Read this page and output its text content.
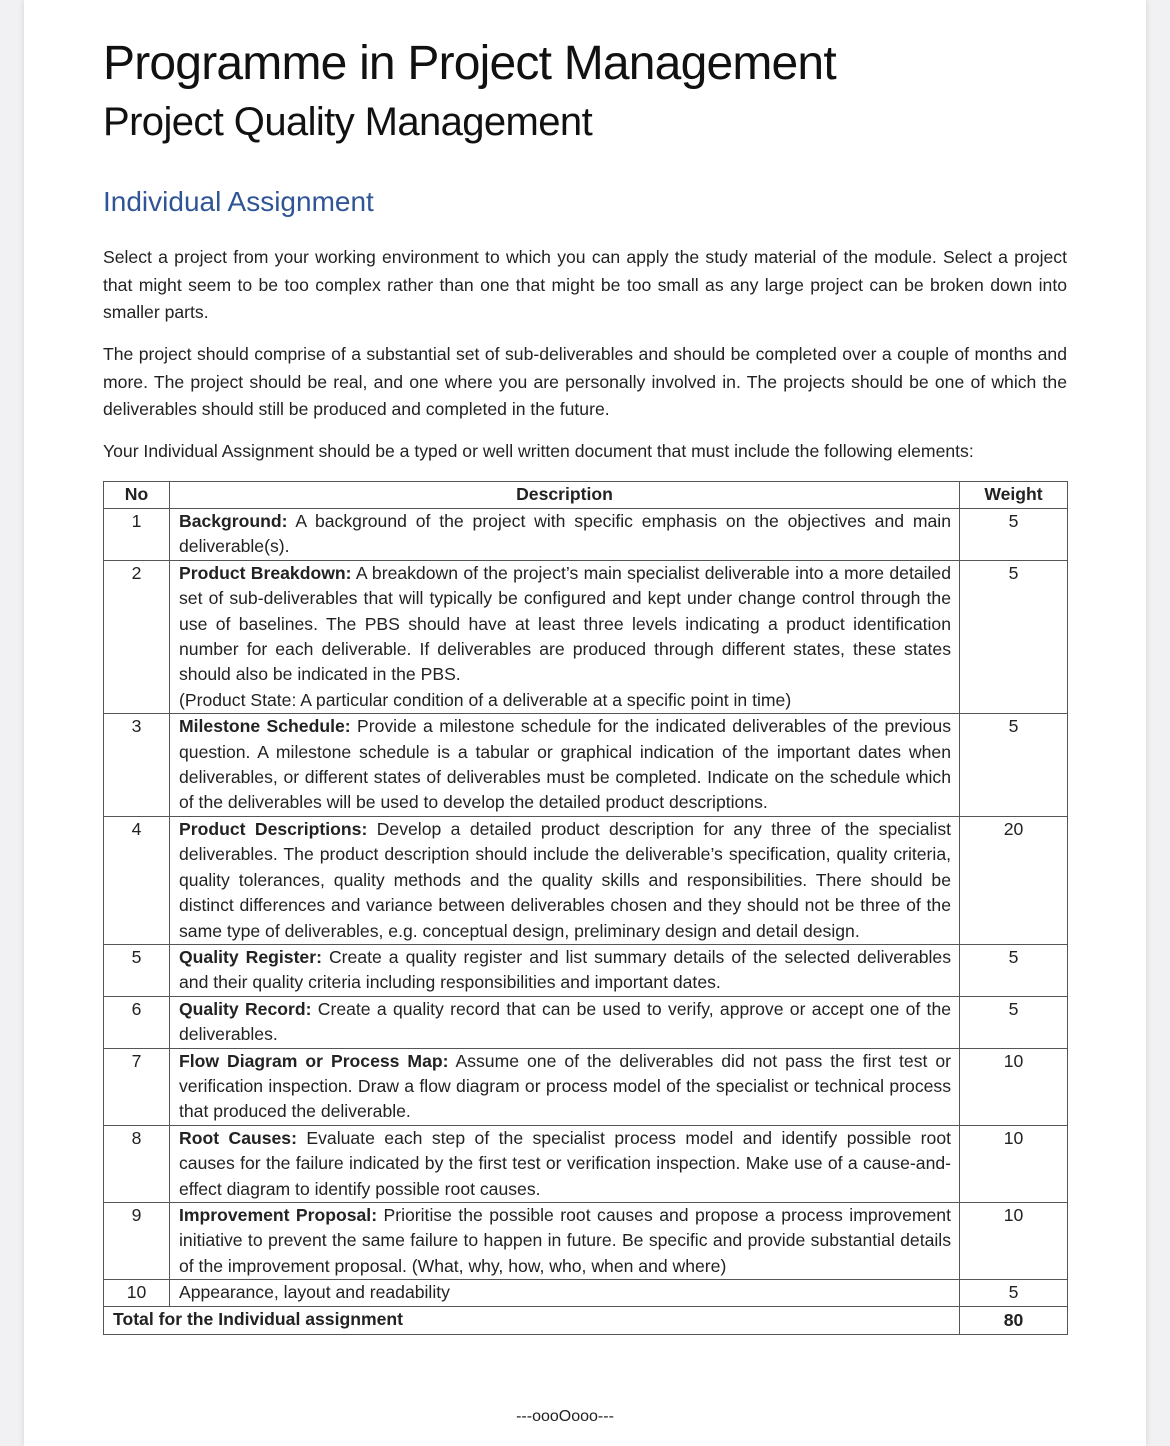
Programme in Project Management
Project Quality Management
Individual Assignment

Select a project from your working environment to which you can apply the study material of the module. Select a project that might seem to be too complex rather than one that might be too small as any large project can be broken down into smaller parts.

The project should comprise of a substantial set of sub-deliverables and should be completed over a couple of months and more. The project should be real, and one where you are personally involved in. The projects should be one of which the deliverables should still be produced and completed in the future.

Your Individual Assignment should be a typed or well written document that must include the following elements:

No	Description	Weight
1	Background: A background of the project with specific emphasis on the objectives and main deliverable(s).	5
2	Product Breakdown: A breakdown of the project’s main specialist deliverable into a more detailed set of sub-deliverables that will typically be configured and kept under change control through the use of baselines. The PBS should have at least three levels indicating a product identification number for each deliverable. If deliverables are produced through different states, these states should also be indicated in the PBS.
(Product State: A particular condition of a deliverable at a specific point in time)	5
3	Milestone Schedule: Provide a milestone schedule for the indicated deliverables of the previous question. A milestone schedule is a tabular or graphical indication of the important dates when deliverables, or different states of deliverables must be completed. Indicate on the schedule which of the deliverables will be used to develop the detailed product descriptions.	5
4	Product Descriptions: Develop a detailed product description for any three of the specialist deliverables. The product description should include the deliverable’s specification, quality criteria, quality tolerances, quality methods and the quality skills and responsibilities. There should be distinct differences and variance between deliverables chosen and they should not be three of the same type of deliverables, e.g. conceptual design, preliminary design and detail design.	20
5	Quality Register: Create a quality register and list summary details of the selected deliverables and their quality criteria including responsibilities and important dates.	5
6	Quality Record: Create a quality record that can be used to verify, approve or accept one of the deliverables.	5
7	Flow Diagram or Process Map: Assume one of the deliverables did not pass the first test or verification inspection. Draw a flow diagram or process model of the specialist or technical process that produced the deliverable.	10
8	Root Causes: Evaluate each step of the specialist process model and identify possible root causes for the failure indicated by the first test or verification inspection. Make use of a cause-and-effect diagram to identify possible root causes.	10
9	Improvement Proposal: Prioritise the possible root causes and propose a process improvement initiative to prevent the same failure to happen in future. Be specific and provide substantial details of the improvement proposal. (What, why, how, who, when and where)	10
10	Appearance, layout and readability	5
Total for the Individual assignment		80
---oooOooo---
